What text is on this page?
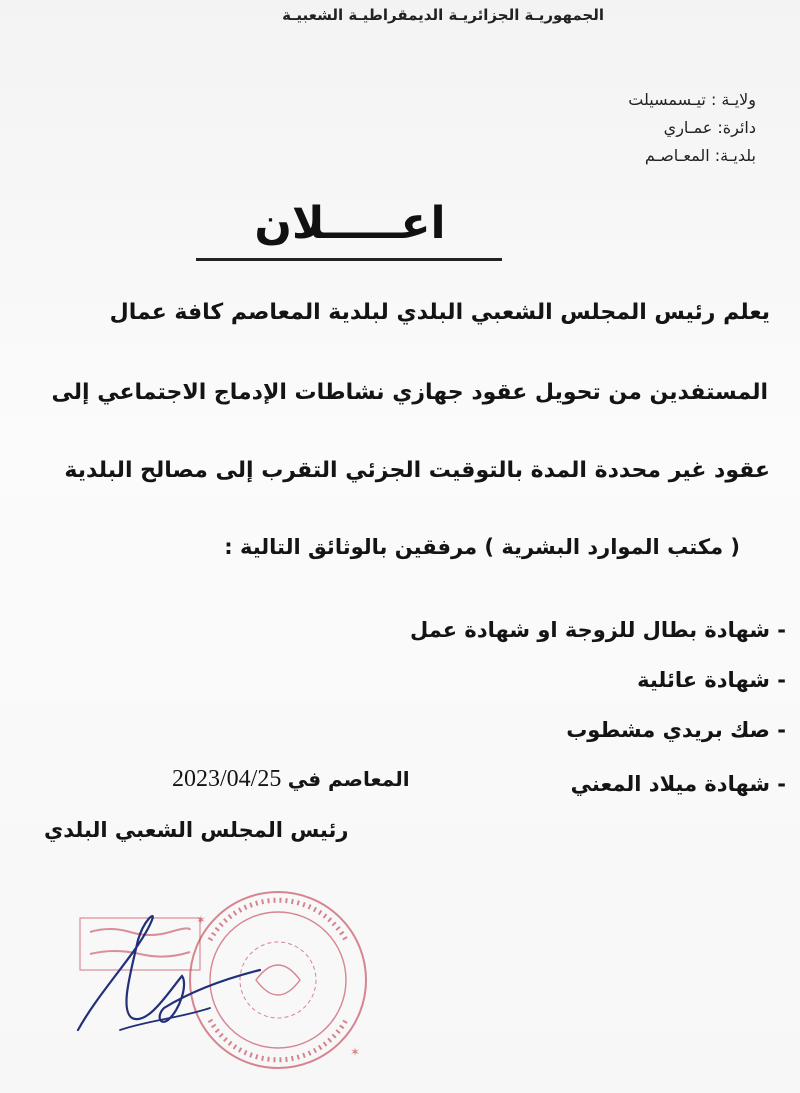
الجمهوريـة الجزائريـة الديمقراطيـة الشعبيـة
ولايـة : تيـسمسيلت
دائرة: عمـاري
بلديـة: المعـاصـم
اعـــــلان
يعلم رئيس المجلس الشعبي البلدي لبلدية المعاصم كافة عمال
المستفدين من تحويل عقود جهازي نشاطات الإدماج الاجتماعي إلى
عقود غير محددة المدة بالتوقيت الجزئي التقرب إلى مصالح البلدية
( مكتب الموارد البشرية ) مرفقين بالوثائق التالية :
- شهادة بطال للزوجة او شهادة عمل
- شهادة عائلية
- صك بريدي مشطوب
- شهادة ميلاد المعني
2023/04/25 المعاصم في
رئيس المجلس الشعبي البلدي
✶
✶
